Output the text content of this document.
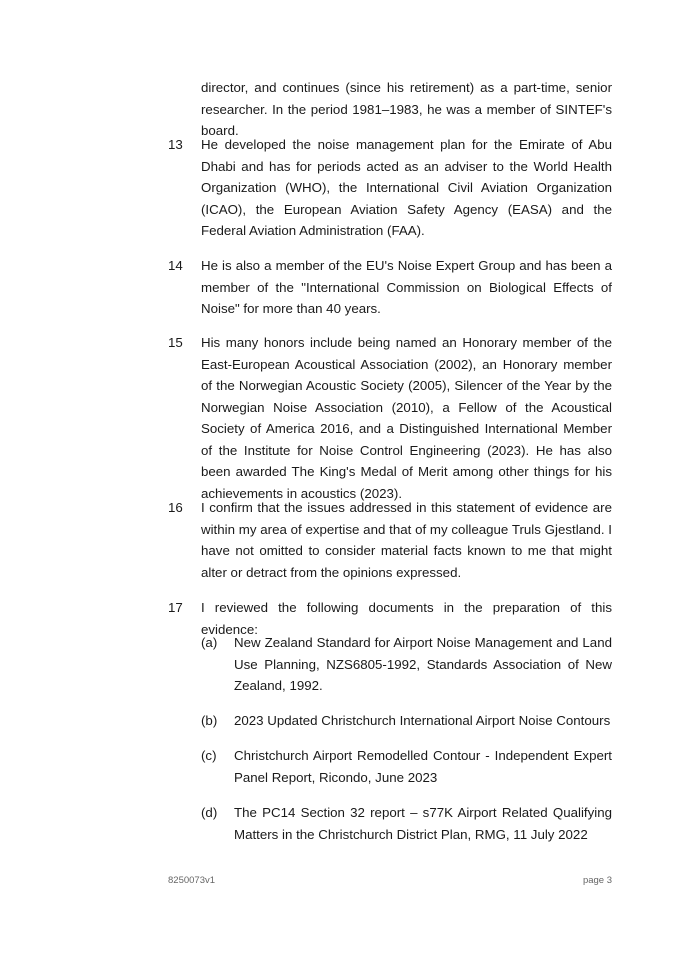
director, and continues (since his retirement) as a part-time, senior researcher. In the period 1981–1983, he was a member of SINTEF's board.
13	He developed the noise management plan for the Emirate of Abu Dhabi and has for periods acted as an adviser to the World Health Organization (WHO), the International Civil Aviation Organization (ICAO), the European Aviation Safety Agency (EASA) and the Federal Aviation Administration (FAA).
14	He is also a member of the EU's Noise Expert Group and has been a member of the "International Commission on Biological Effects of Noise" for more than 40 years.
15	His many honors include being named an Honorary member of the East-European Acoustical Association (2002), an Honorary member of the Norwegian Acoustic Society (2005), Silencer of the Year by the Norwegian Noise Association (2010), a Fellow of the Acoustical Society of America 2016, and a Distinguished International Member of the Institute for Noise Control Engineering (2023). He has also been awarded The King's Medal of Merit among other things for his achievements in acoustics (2023).
16	I confirm that the issues addressed in this statement of evidence are within my area of expertise and that of my colleague Truls Gjestland. I have not omitted to consider material facts known to me that might alter or detract from the opinions expressed.
17	I reviewed the following documents in the preparation of this evidence:
(a)	New Zealand Standard for Airport Noise Management and Land Use Planning, NZS6805-1992, Standards Association of New Zealand, 1992.
(b)	2023 Updated Christchurch International Airport Noise Contours
(c)	Christchurch Airport Remodelled Contour - Independent Expert Panel Report, Ricondo, June 2023
(d)	The PC14 Section 32 report – s77K Airport Related Qualifying Matters in the Christchurch District Plan, RMG, 11 July 2022
8250073v1	page 3
